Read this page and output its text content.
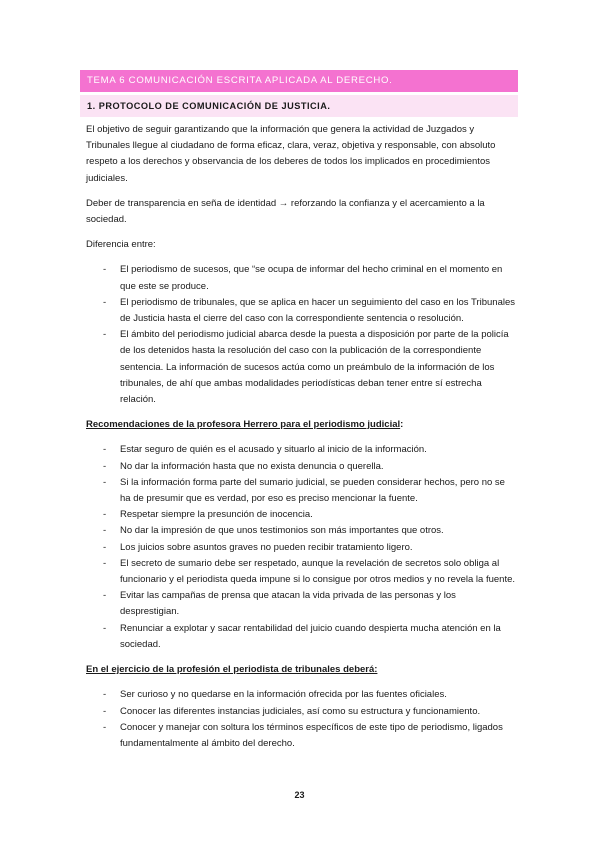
TEMA 6 COMUNICACIÓN ESCRITA APLICADA AL DERECHO.
1. PROTOCOLO DE COMUNICACIÓN DE JUSTICIA.

El objetivo de seguir garantizando que la información que genera la actividad de Juzgados y Tribunales llegue al ciudadano de forma eficaz, clara, veraz, objetiva y responsable, con absoluto respeto a los derechos y observancia de los deberes de todos los implicados en procedimientos judiciales.

Deber de transparencia en seña de identidad → reforzando la confianza y el acercamiento a la sociedad.

Diferencia entre:

- El periodismo de sucesos, que “se ocupa de informar del hecho criminal en el momento en que este se produce.
- El periodismo de tribunales, que se aplica en hacer un seguimiento del caso en los Tribunales de Justicia hasta el cierre del caso con la correspondiente sentencia o resolución.
- El ámbito del periodismo judicial abarca desde la puesta a disposición por parte de la policía de los detenidos hasta la resolución del caso con la publicación de la correspondiente sentencia. La información de sucesos actúa como un preámbulo de la información de los tribunales, de ahí que ambas modalidades periodísticas deban tener entre sí estrecha relación.
Recomendaciones de la profesora Herrero para el periodismo judicial:
- Estar seguro de quién es el acusado y situarlo al inicio de la información.
- No dar la información hasta que no exista denuncia o querella.
- Si la información forma parte del sumario judicial, se pueden considerar hechos, pero no se ha de presumir que es verdad, por eso es preciso mencionar la fuente.
- Respetar siempre la presunción de inocencia.
- No dar la impresión de que unos testimonios son más importantes que otros.
- Los juicios sobre asuntos graves no pueden recibir tratamiento ligero.
- El secreto de sumario debe ser respetado, aunque la revelación de secretos solo obliga al funcionario y el periodista queda impune si lo consigue por otros medios y no revela la fuente.
- Evitar las campañas de prensa que atacan la vida privada de las personas y los desprestigian.
- Renunciar a explotar y sacar rentabilidad del juicio cuando despierta mucha atención en la sociedad.
En el ejercicio de la profesión el periodista de tribunales deberá:
- Ser curioso y no quedarse en la información ofrecida por las fuentes oficiales.
- Conocer las diferentes instancias judiciales, así como su estructura y funcionamiento.
- Conocer y manejar con soltura los términos específicos de este tipo de periodismo, ligados fundamentalmente al ámbito del derecho.
23
